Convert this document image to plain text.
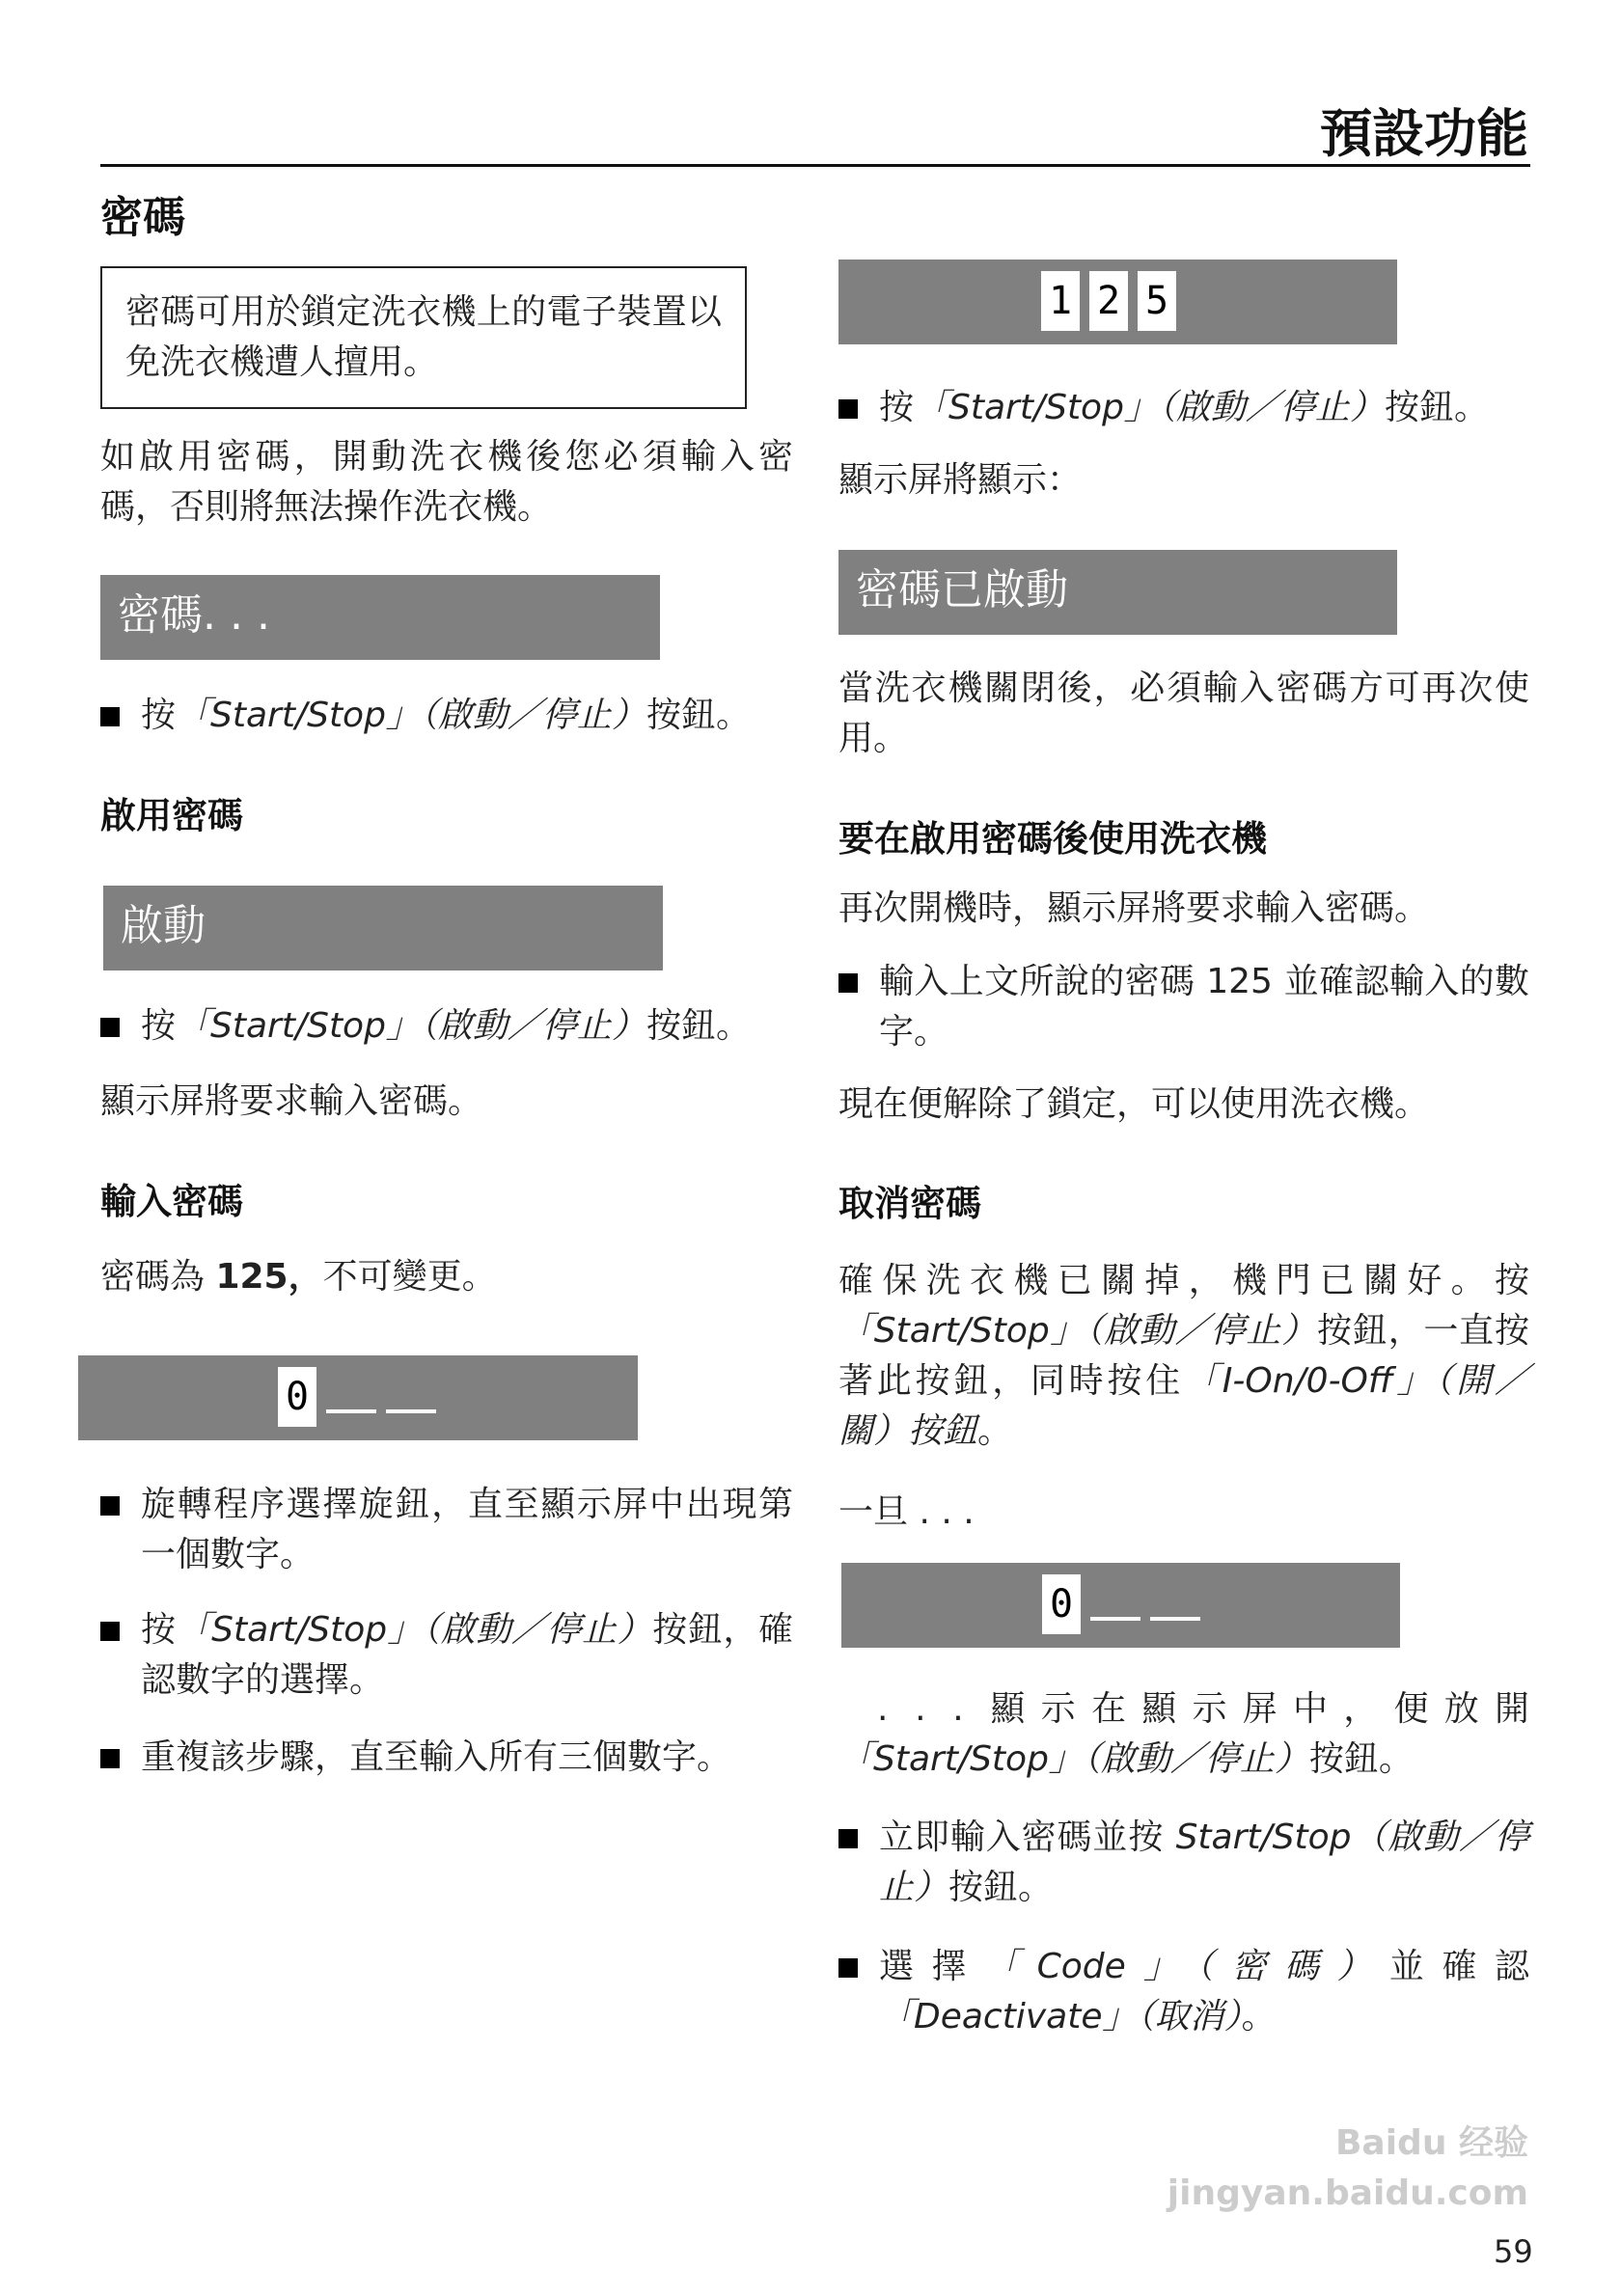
預設功能
密碼
密碼可用於鎖定洗衣機上的電子裝置以免洗衣機遭人擅用。
如啟用密碼，開動洗衣機後您必須輸入密碼，否則將無法操作洗衣機。
密碼. . .
按「Start/Stop」（啟動／停止）按鈕。
啟用密碼
啟動
按「Start/Stop」（啟動／停止）按鈕。
顯示屏將要求輸入密碼。
輸入密碼
密碼為 125，不可變更。
0
旋轉程序選擇旋鈕，直至顯示屏中出現第一個數字。
按「Start/Stop」（啟動／停止）按鈕，確認數字的選擇。
重複該步驟，直至輸入所有三個數字。
1 2 5
按「Start/Stop」（啟動／停止）按鈕。
顯示屏將顯示：
密碼已啟動
當洗衣機關閉後，必須輸入密碼方可再次使用。
要在啟用密碼後使用洗衣機
再次開機時，顯示屏將要求輸入密碼。
輸入上文所說的密碼 125 並確認輸入的數字。
現在便解除了鎖定，可以使用洗衣機。
取消密碼
確保洗衣機已關掉，機門已關好。按「Start/Stop」（啟動／停止）按鈕，一直按著此按鈕，同時按住「I-On/0-Off」（開／關）按鈕。
一旦 . . .
0
. . . 顯示在顯示屏中，便放開「Start/Stop」（啟動／停止）按鈕。
立即輸入密碼並按 Start/Stop（啟動／停止）按鈕。
選擇「Code」（密碼）並確認「Deactivate」（取消）。
Baidu 经验 jingyan.baidu.com
59
